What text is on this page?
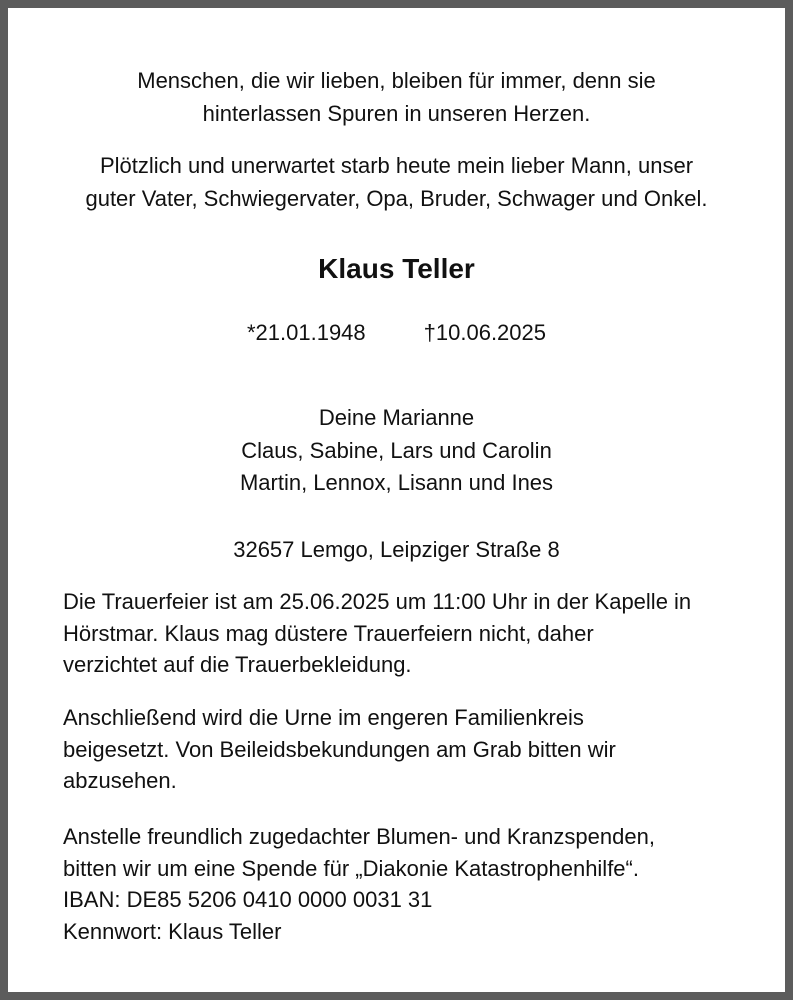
Menschen, die wir lieben, bleiben für immer, denn sie
hinterlassen Spuren in unseren Herzen.
Plötzlich und unerwartet starb heute mein lieber Mann, unser
guter Vater, Schwiegervater, Opa, Bruder, Schwager und Onkel.
Klaus Teller
*21.01.1948	†10.06.2025
Deine Marianne
Claus, Sabine, Lars und Carolin
Martin, Lennox, Lisann und Ines
32657 Lemgo, Leipziger Straße 8
Die Trauerfeier ist am 25.06.2025 um 11:00 Uhr in der Kapelle in
Hörstmar. Klaus mag düstere Trauerfeiern nicht, daher
verzichtet auf die Trauerbekleidung.
Anschließend wird die Urne im engeren Familienkreis
beigesetzt. Von Beileidsbekundungen am Grab bitten wir
abzusehen.
Anstelle freundlich zugedachter Blumen- und Kranzspenden,
bitten wir um eine Spende für „Diakonie Katastrophenhilfe“.
IBAN: DE85 5206 0410 0000 0031 31
Kennwort: Klaus Teller
